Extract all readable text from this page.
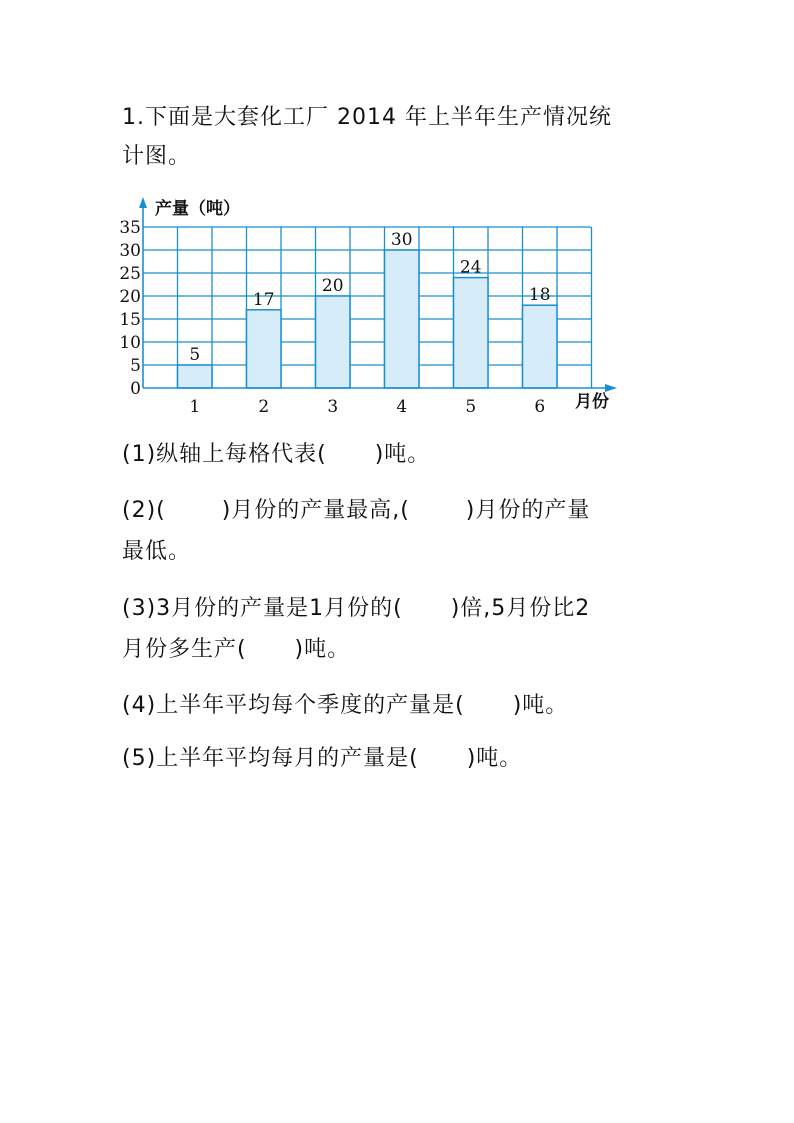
1.下面是大套化工厂 2014 年上半年生产情况统
计图。
5
1
17
2
20
3
30
4
24
5
18
6
0
5
10
15
20
25
30
35
产量（吨）
月份
(1)纵轴上每格代表(      )吨。
(2)(       )月份的产量最高,(       )月份的产量
最低。
(3)3月份的产量是1月份的(      )倍,5月份比2
月份多生产(      )吨。
(4)上半年平均每个季度的产量是(      )吨。
(5)上半年平均每月的产量是(      )吨。
